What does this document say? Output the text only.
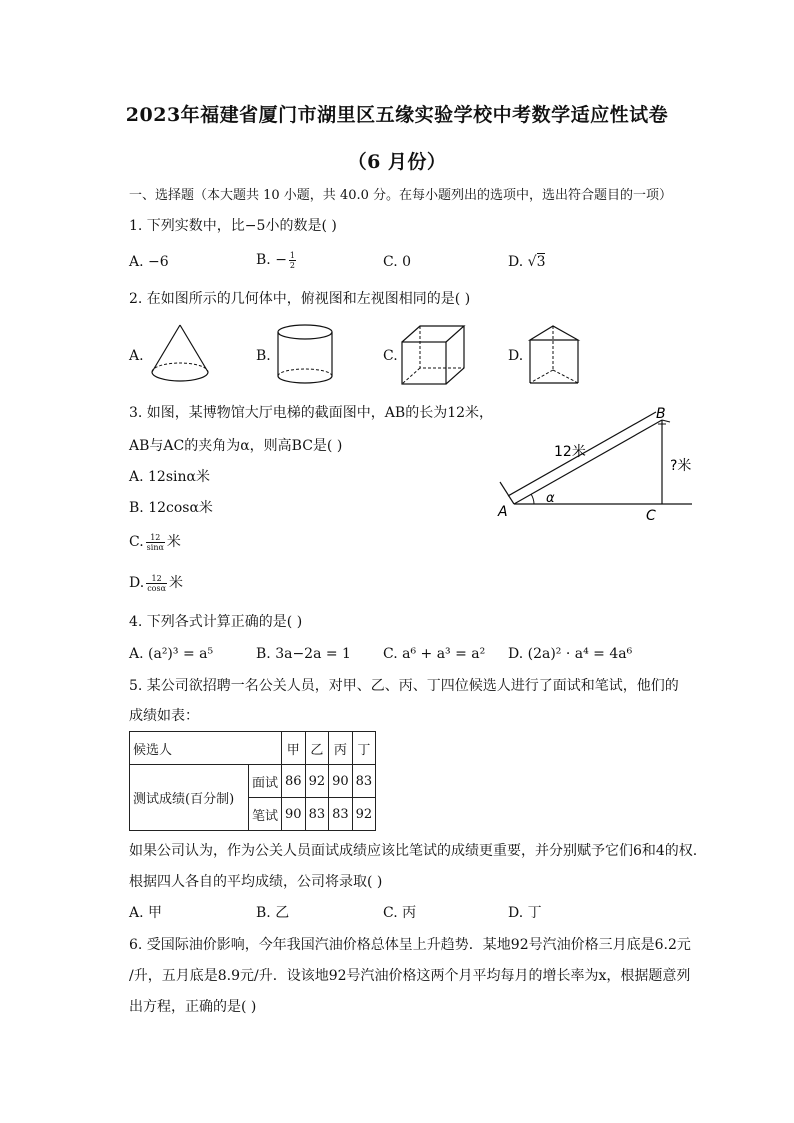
2023年福建省厦门市湖里区五缘实验学校中考数学适应性试卷
（6 月份）
一、选择题（本大题共 10 小题，共 40.0 分。在每小题列出的选项中，选出符合题目的一项）
1. 下列实数中，比−5小的数是( )
A. −6	B. − $\frac{1}{2}$	C. 0	D. √3
2. 在如图所示的几何体中，俯视图和左视图相同的是( )
A.	B.	C.	D.
3. 如图，某博物馆大厅电梯的截面图中，AB的长为12米，
AB与AC的夹角为α，则高BC是( )
A. 12sinα米
B. 12cosα米
C. $\frac{12}{\sin\alpha}$ 米
D. $\frac{12}{\cos\alpha}$ 米
B
A	C
12米
?米
α
4. 下列各式计算正确的是( )
A. (a²)³ = a⁵	B. 3a−2a = 1 C. a⁶ + a³ = a² D. (2a)² · a⁴ = 4a⁶
5. 某公司欲招聘一名公关人员，对甲、乙、丙、丁四位候选人进行了面试和笔试，他们的
成绩如表：
候选人		甲	乙	丙	丁
测试成绩(百分制)	面试	86	92	90	83
	笔试	90	83	83	92
如果公司认为，作为公关人员面试成绩应该比笔试的成绩更重要，并分别赋予它们6和4的权.
根据四人各自的平均成绩，公司将录取( )
A. 甲	B. 乙	C. 丙	D. 丁
6. 受国际油价影响，今年我国汽油价格总体呈上升趋势．某地92号汽油价格三月底是6.2元
/升，五月底是8.9元/升．设该地92号汽油价格这两个月平均每月的增长率为x，根据题意列
出方程，正确的是( )
